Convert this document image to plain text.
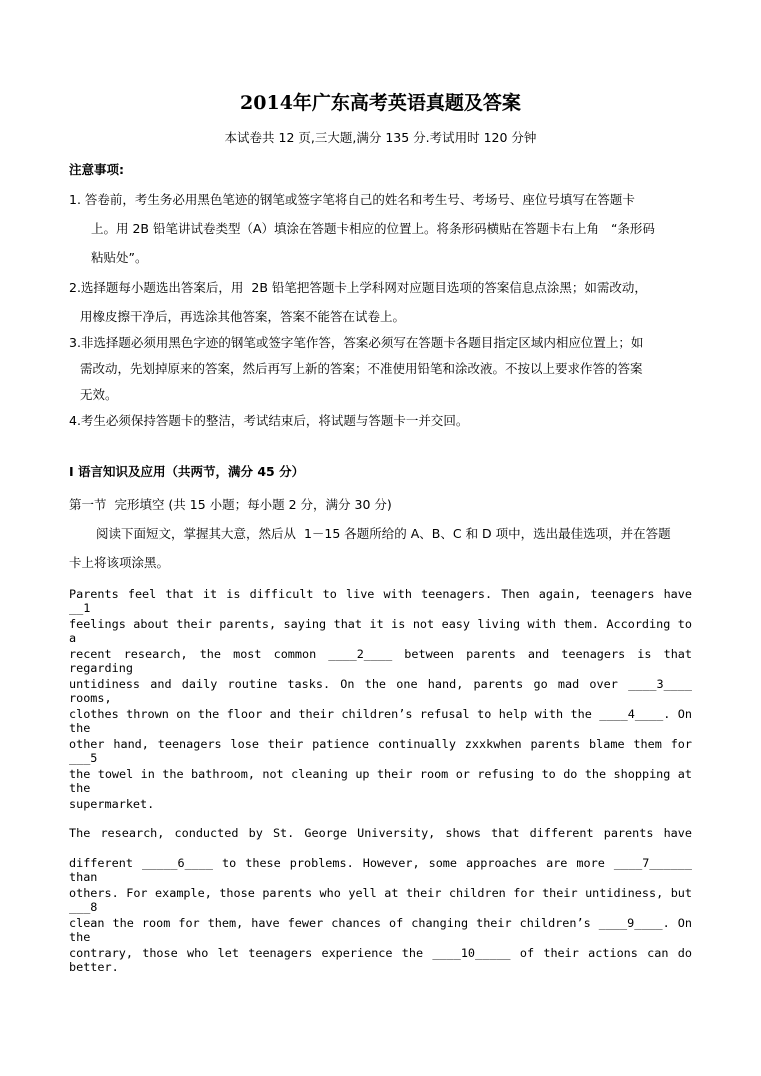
2014年广东高考英语真题及答案
本试卷共 12 页,三大题,满分 135 分.考试用时 120 分钟
注意事项:
1. 答卷前，考生务必用黑色笔迹的钢笔或签字笔将自己的姓名和考生号、考场号、座位号填写在答题卡
上。用 2B 铅笔讲试卷类型（A）填涂在答题卡相应的位置上。将条形码横贴在答题卡右上角   “条形码
粘贴处”。
2.选择题每小题选出答案后，用  2B 铅笔把答题卡上学科网对应题目选项的答案信息点涂黑；如需改动，
用橡皮擦干净后，再选涂其他答案，答案不能答在试卷上。
3.非选择题必须用黑色字迹的钢笔或签字笔作答，答案必须写在答题卡各题目指定区域内相应位置上；如
需改动，先划掉原来的答案，然后再写上新的答案；不准使用铅笔和涂改液。不按以上要求作答的答案
无效。
4.考生必须保持答题卡的整洁，考试结束后，将试题与答题卡一并交回。
I 语言知识及应用（共两节，满分 45 分）
第一节  完形填空 (共 15 小题；每小题 2 分，满分 30 分)
阅读下面短文，掌握其大意，然后从  1－15 各题所给的 A、B、C 和 D 项中，选出最佳选项，并在答题
卡上将该项涂黑。
Parents feel that it is difficult to live with teenagers. Then again, teenagers have __1
feelings about their parents, saying that it is not easy living with them. According to a
recent research, the most common ____2____ between parents and teenagers is that regarding
untidiness and daily routine tasks. On the one hand, parents go mad over ____3____ rooms,
clothes thrown on the floor and their children’s refusal to help with the ____4____. On the
other hand, teenagers lose their patience continually zxxkwhen parents blame them for ___5
the towel in the bathroom, not cleaning up their room or refusing to do the shopping at the
supermarket.
The research, conducted by St. George University, shows that different parents have
different _____6____ to these problems. However, some approaches are more ____7______ than
others. For example, those parents who yell at their children for their untidiness, but ___8
clean the room for them, have fewer chances of changing their children’s ____9____. On the
contrary, those who let teenagers experience the ____10_____ of their actions can do better.
